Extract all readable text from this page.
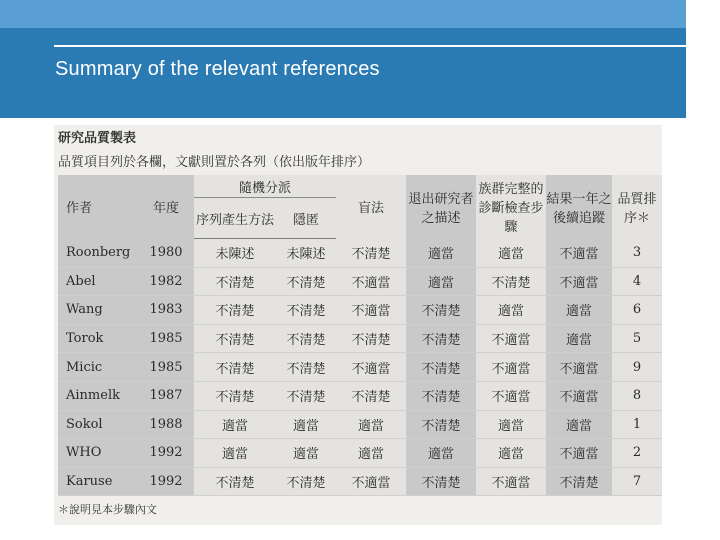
Summary of the relevant references
研究品質製表
品質項目列於各欄，文獻則置於各列（依出版年排序）
作者	年度	隨機分派		盲法	退出研究者之描述	族群完整的診斷檢查步驟	結果一年之後續追蹤	品質排序＊
		序列產生方法	隱匿					
Roonberg	1980	未陳述	未陳述	不清楚	適當	適當	不適當	3
Abel	1982	不清楚	不清楚	不適當	適當	不清楚	不適當	4
Wang	1983	不清楚	不清楚	不適當	不清楚	適當	適當	6
Torok	1985	不清楚	不清楚	不清楚	不清楚	不適當	適當	5
Micic	1985	不清楚	不清楚	不適當	不清楚	不適當	不適當	9
Ainmelk	1987	不清楚	不清楚	不清楚	不清楚	不適當	不適當	8
Sokol	1988	適當	適當	適當	不清楚	適當	適當	1
WHO	1992	適當	適當	適當	適當	適當	不適當	2
Karuse	1992	不清楚	不清楚	不適當	不清楚	不適當	不清楚	7
＊說明見本步驟內文
